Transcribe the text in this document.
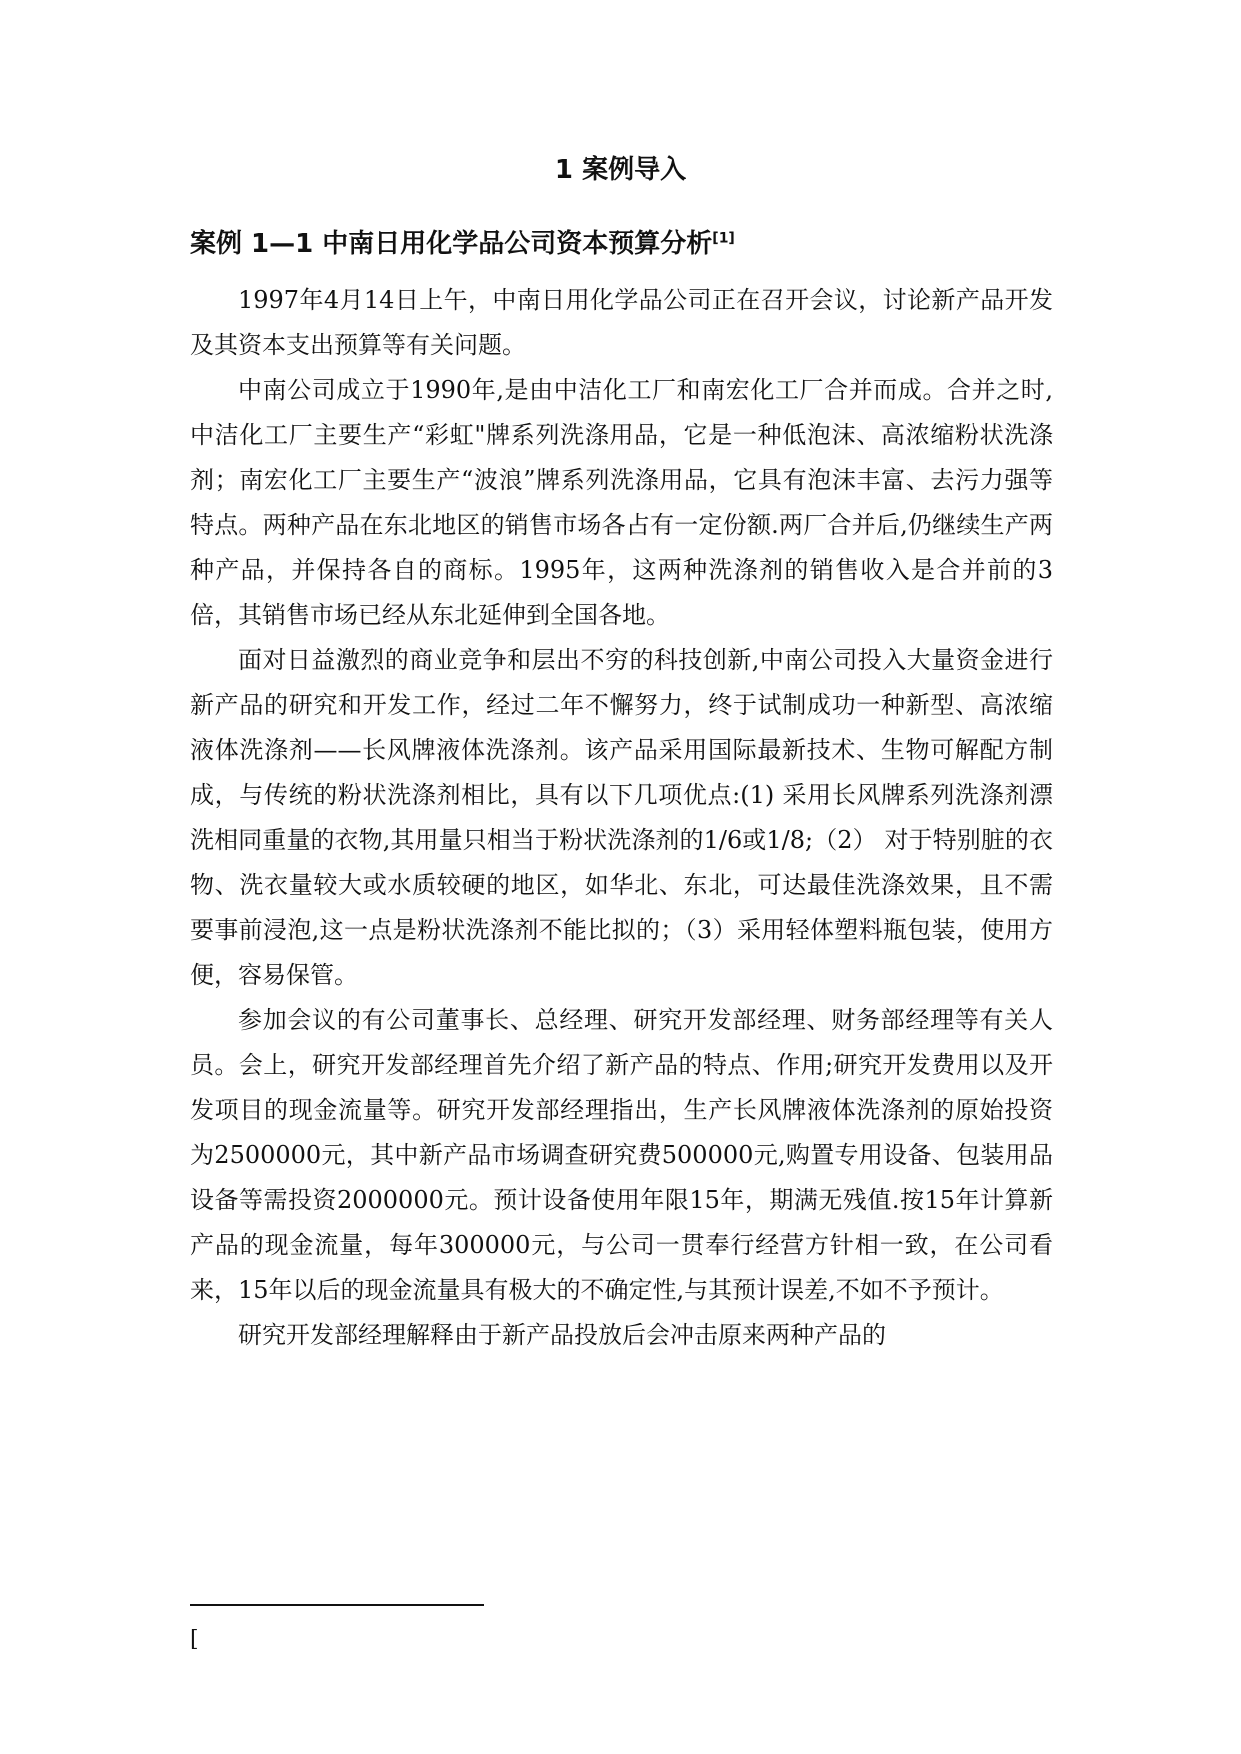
1 案例导入
案例 1—1 中南日用化学品公司资本预算分析[1]

1997年4月14日上午，中南日用化学品公司正在召开会议，讨论新产品开发及其资本支出预算等有关问题。

中南公司成立于1990年,是由中洁化工厂和南宏化工厂合并而成。合并之时,中洁化工厂主要生产“彩虹"牌系列洗涤用品，它是一种低泡沫、高浓缩粉状洗涤剂；南宏化工厂主要生产“波浪”牌系列洗涤用品，它具有泡沫丰富、去污力强等特点。两种产品在东北地区的销售市场各占有一定份额.两厂合并后,仍继续生产两种产品，并保持各自的商标。1995年，这两种洗涤剂的销售收入是合并前的3倍，其销售市场已经从东北延伸到全国各地。

面对日益激烈的商业竞争和层出不穷的科技创新,中南公司投入大量资金进行新产品的研究和开发工作，经过二年不懈努力，终于试制成功一种新型、高浓缩液体洗涤剂——长风牌液体洗涤剂。该产品采用国际最新技术、生物可解配方制成，与传统的粉状洗涤剂相比，具有以下几项优点:(1) 采用长风牌系列洗涤剂漂洗相同重量的衣物,其用量只相当于粉状洗涤剂的1/6或1/8;（2） 对于特别脏的衣物、洗衣量较大或水质较硬的地区，如华北、东北，可达最佳洗涤效果，且不需要事前浸泡,这一点是粉状洗涤剂不能比拟的；（3）采用轻体塑料瓶包装，使用方便，容易保管。

参加会议的有公司董事长、总经理、研究开发部经理、财务部经理等有关人员。会上，研究开发部经理首先介绍了新产品的特点、作用;研究开发费用以及开发项目的现金流量等。研究开发部经理指出，生产长风牌液体洗涤剂的原始投资为2500000元，其中新产品市场调查研究费500000元,购置专用设备、包装用品设备等需投资2000000元。预计设备使用年限15年，期满无残值.按15年计算新产品的现金流量，每年300000元，与公司一贯奉行经营方针相一致，在公司看来，15年以后的现金流量具有极大的不确定性,与其预计误差,不如不予预计。

研究开发部经理解释由于新产品投放后会冲击原来两种产品的

[
